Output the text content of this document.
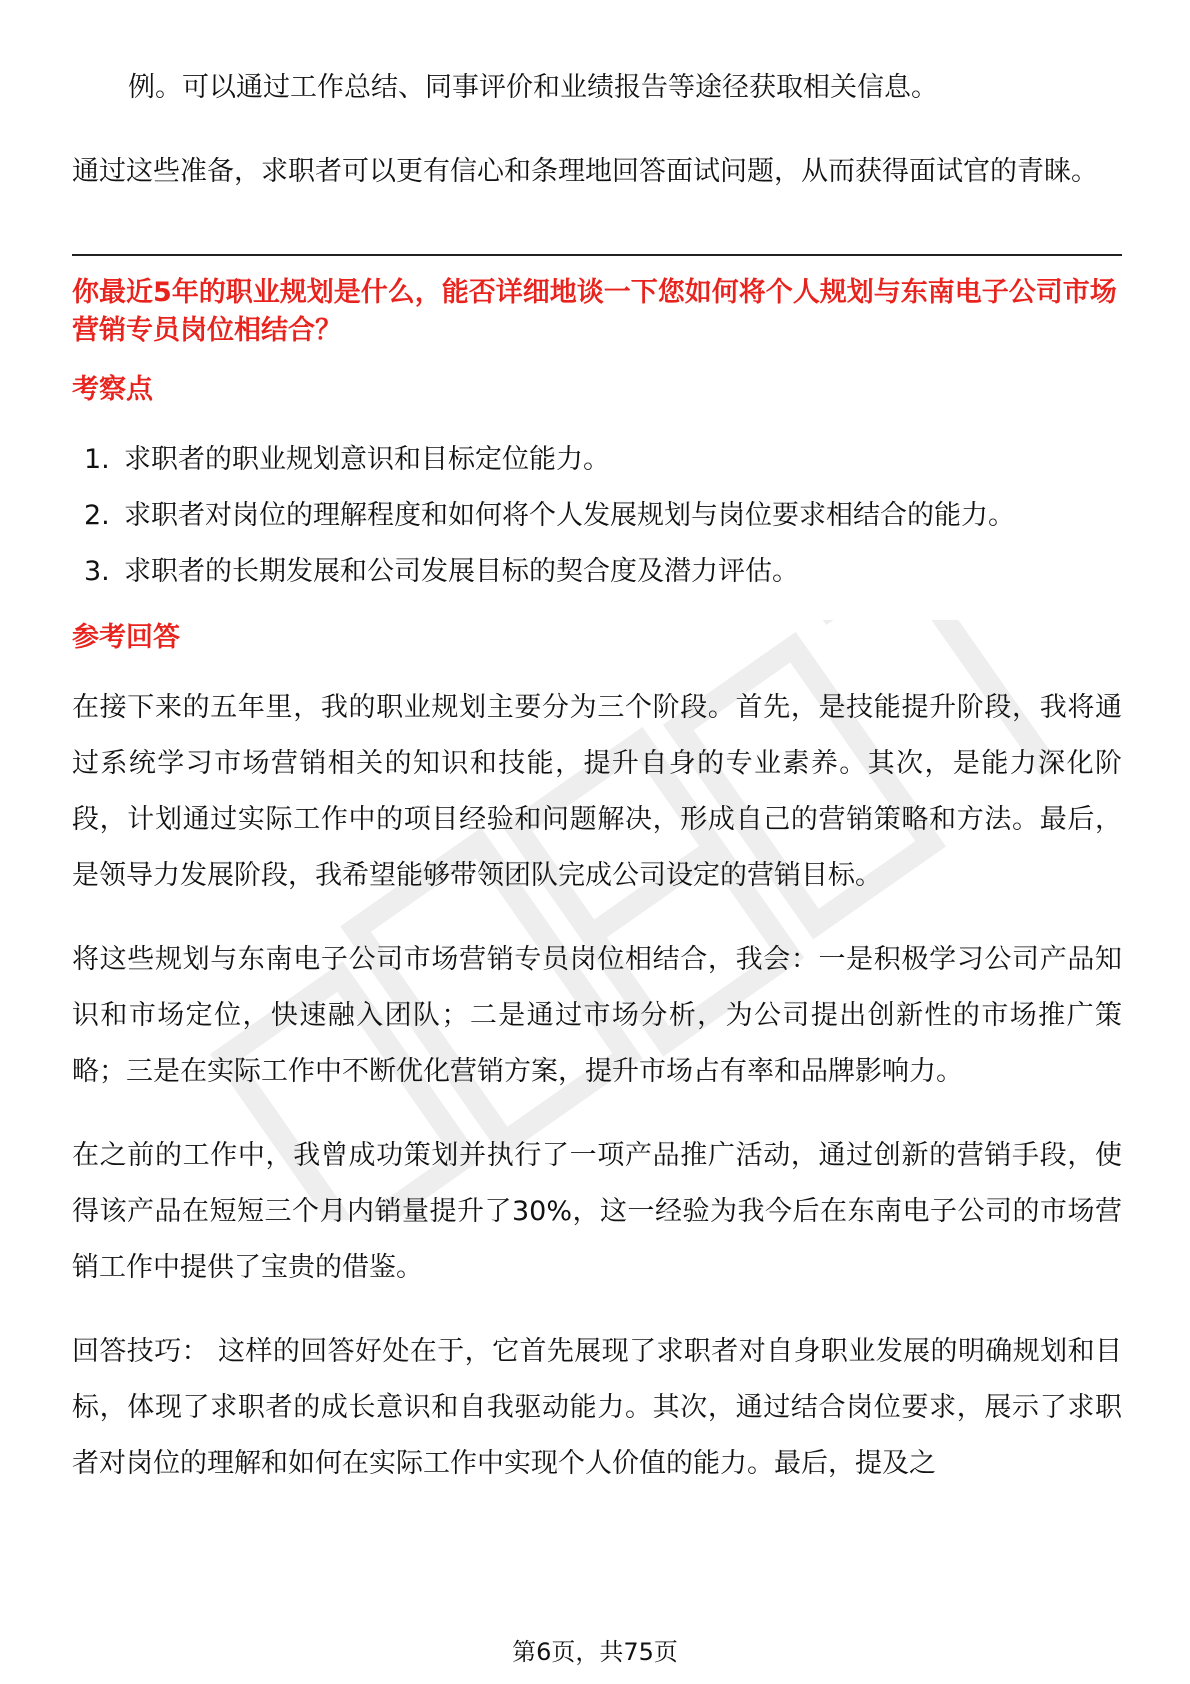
例。可以通过工作总结、同事评价和业绩报告等途径获取相关信息。

通过这些准备，求职者可以更有信心和条理地回答面试问题，从而获得面试官的青睐。

你最近5年的职业规划是什么，能否详细地谈一下您如何将个人规划与东南电子公司市场营销专员岗位相结合？

考察点

1. 求职者的职业规划意识和目标定位能力。
2. 求职者对岗位的理解程度和如何将个人发展规划与岗位要求相结合的能力。
3. 求职者的长期发展和公司发展目标的契合度及潜力评估。

参考回答

在接下来的五年里，我的职业规划主要分为三个阶段。首先，是技能提升阶段，我将通过系统学习市场营销相关的知识和技能，提升自身的专业素养。其次，是能力深化阶段，计划通过实际工作中的项目经验和问题解决，形成自己的营销策略和方法。最后，是领导力发展阶段，我希望能够带领团队完成公司设定的营销目标。

将这些规划与东南电子公司市场营销专员岗位相结合，我会：一是积极学习公司产品知识和市场定位，快速融入团队；二是通过市场分析，为公司提出创新性的市场推广策略；三是在实际工作中不断优化营销方案，提升市场占有率和品牌影响力。

在之前的工作中，我曾成功策划并执行了一项产品推广活动，通过创新的营销手段，使得该产品在短短三个月内销量提升了30%，这一经验为我今后在东南电子公司的市场营销工作中提供了宝贵的借鉴。

回答技巧： 这样的回答好处在于，它首先展现了求职者对自身职业发展的明确规划和目标，体现了求职者的成长意识和自我驱动能力。其次，通过结合岗位要求，展示了求职者对岗位的理解和如何在实际工作中实现个人价值的能力。最后，提及之

第6页，共75页
